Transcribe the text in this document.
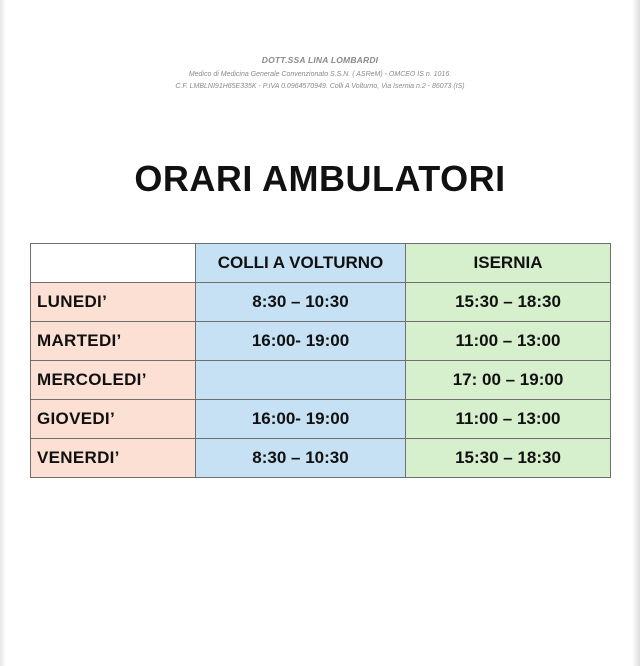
DOTT.SSA LINA LOMBARDI
Medico di Medicina Generale Convenzionato S.S.N. ( ASReM) - OMCEO IS n. 1016.
C.F. LMBLNI91H65E335K - P.IVA 0.0964570949. Colli A Volturno, Via Isernia n.2 - 86073 (IS)
ORARI AMBULATORI
	COLLI A VOLTURNO	ISERNIA
LUNEDI’	8:30 – 10:30	15:30 – 18:30
MARTEDI’	16:00- 19:00	11:00 – 13:00
MERCOLEDI’		17: 00 – 19:00
GIOVEDI’	16:00- 19:00	11:00 – 13:00
VENERDI’	8:30 – 10:30	15:30 – 18:30
